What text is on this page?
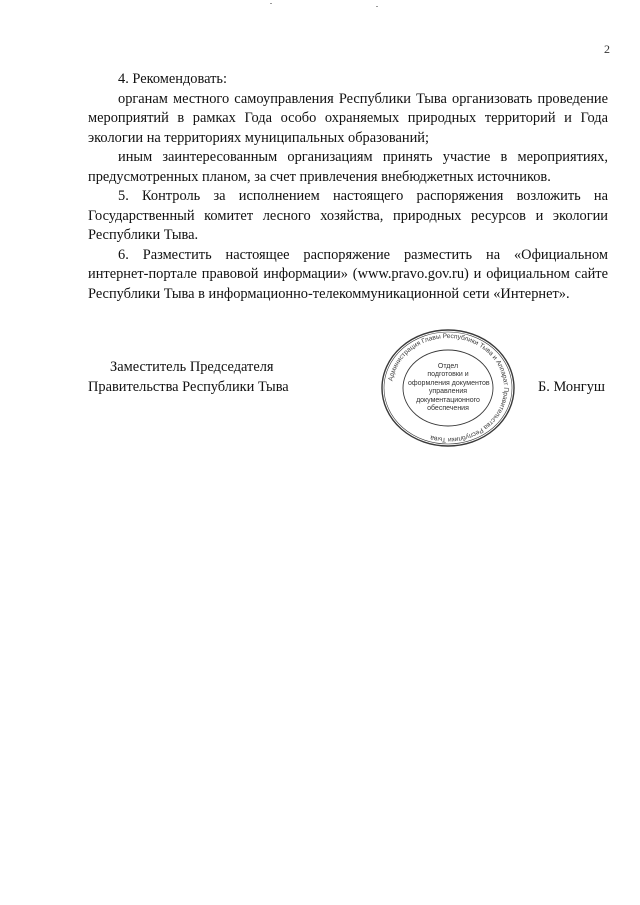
2

4. Рекомендовать:

органам местного самоуправления Республики Тыва организовать проведение мероприятий в рамках Года особо охраняемых природных территорий и Года экологии на территориях муниципальных образований;

иным заинтересованным организациям принять участие в мероприятиях, предусмотренных планом, за счет привлечения внебюджетных источников.

5. Контроль за исполнением настоящего распоряжения возложить на Государственный комитет лесного хозяйства, природных ресурсов и экологии Республики Тыва.

6. Разместить настоящее распоряжение разместить на «Официальном интернет-портале правовой информации» (www.pravo.gov.ru) и официальном сайте Республики Тыва в информационно-телекоммуникационной сети «Интернет».

Заместитель Председателя
Правительства Республики Тыва	Б. Монгуш
Администрация Главы Республики Тыва и Аппарат Правительства Республики Тыва
Отдел
подготовки и
оформления документов
управления
документационного
обеспечения
